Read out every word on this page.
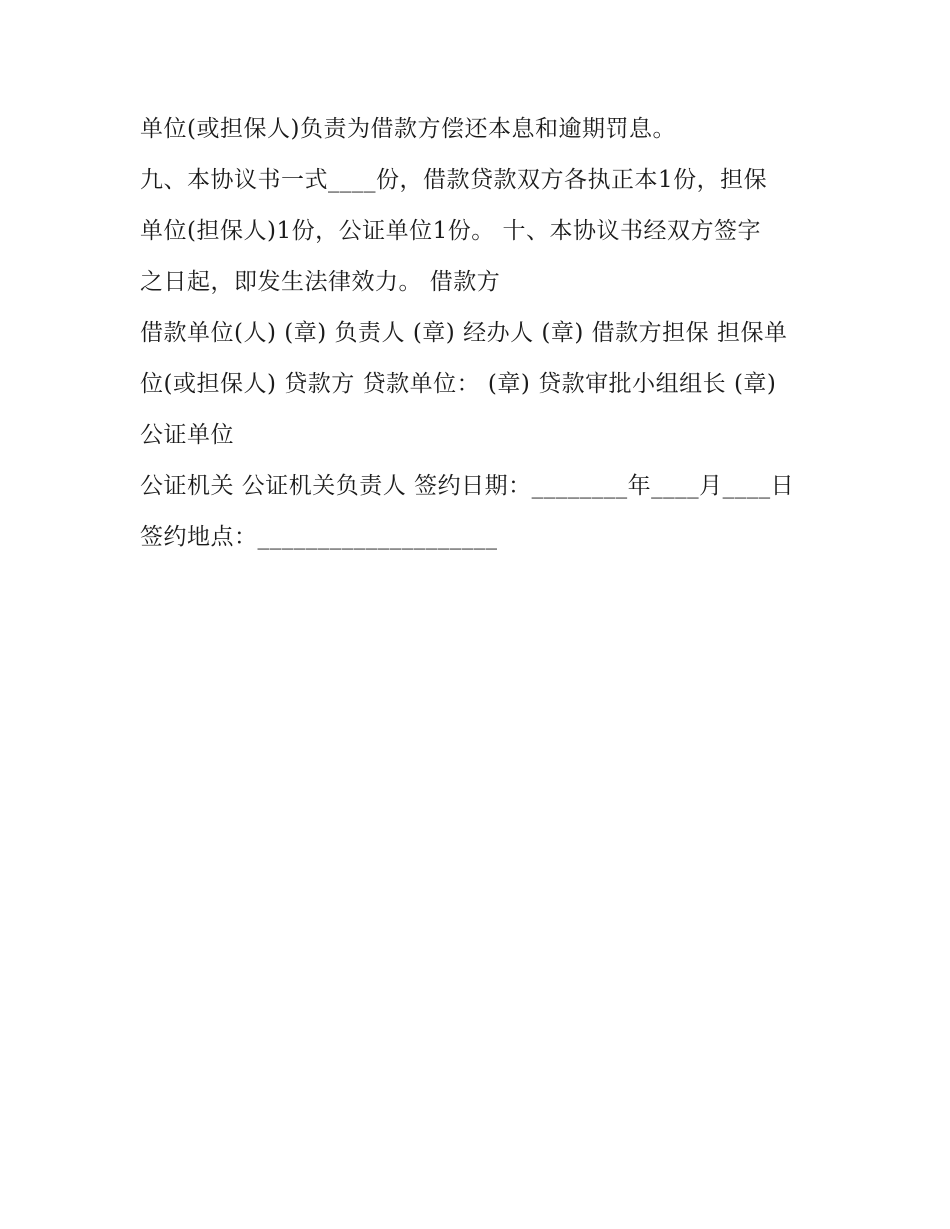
单位(或担保人)负责为借款方偿还本息和逾期罚息。
九、本协议书一式____份，借款贷款双方各执正本1份，担保
单位(担保人)1份，公证单位1份。 十、本协议书经双方签字
之日起，即发生法律效力。 借款方
借款单位(人) (章) 负责人 (章) 经办人 (章) 借款方担保 担保单
位(或担保人) 贷款方 贷款单位： (章) 贷款审批小组组长 (章)
公证单位
公证机关 公证机关负责人 签约日期：________年____月____日
签约地点：____________________
